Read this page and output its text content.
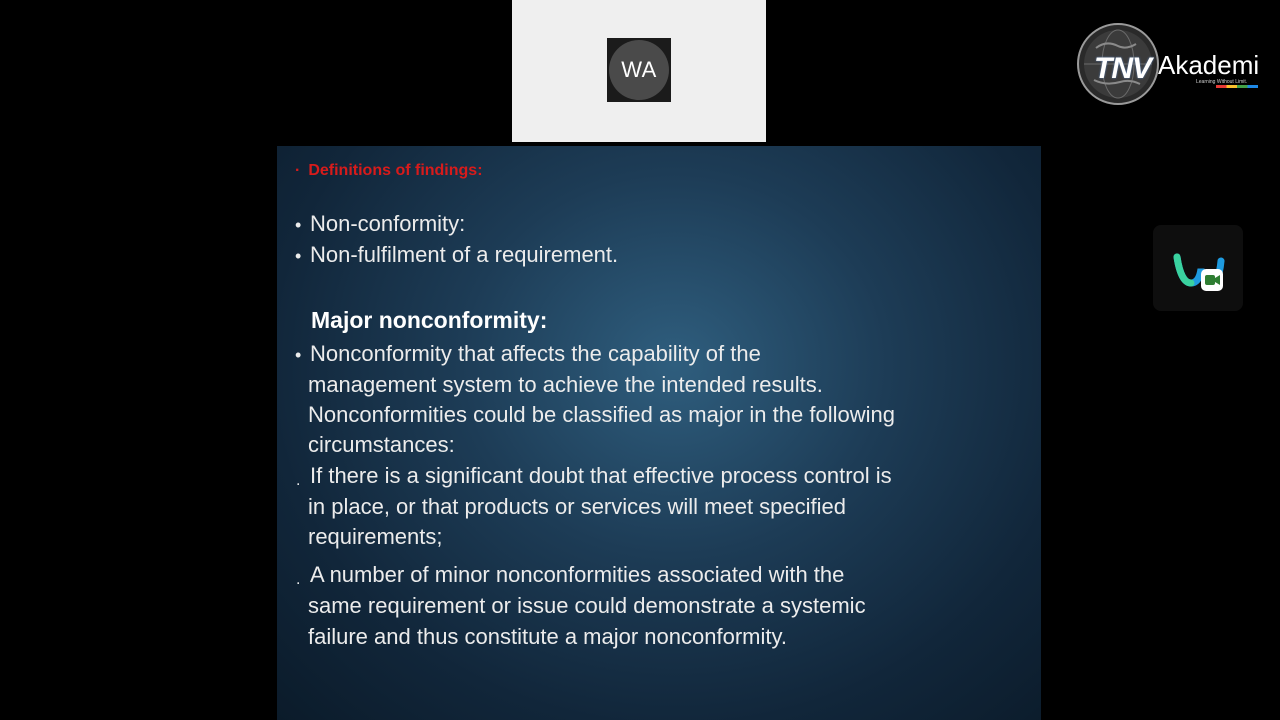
WA	TNV Akademi
Learning Without Limit.
· Definitions of findings:
• Non-conformity:
• Non-fulfilment of a requirement.
Major nonconformity:
• Nonconformity that affects the capability of the
management system to achieve the intended results.
Nonconformities could be classified as major in the following
circumstances:
. If there is a significant doubt that effective process control is
in place, or that products or services will meet specified
requirements;
. A number of minor nonconformities associated with the
same requirement or issue could demonstrate a systemic
failure and thus constitute a major nonconformity.
